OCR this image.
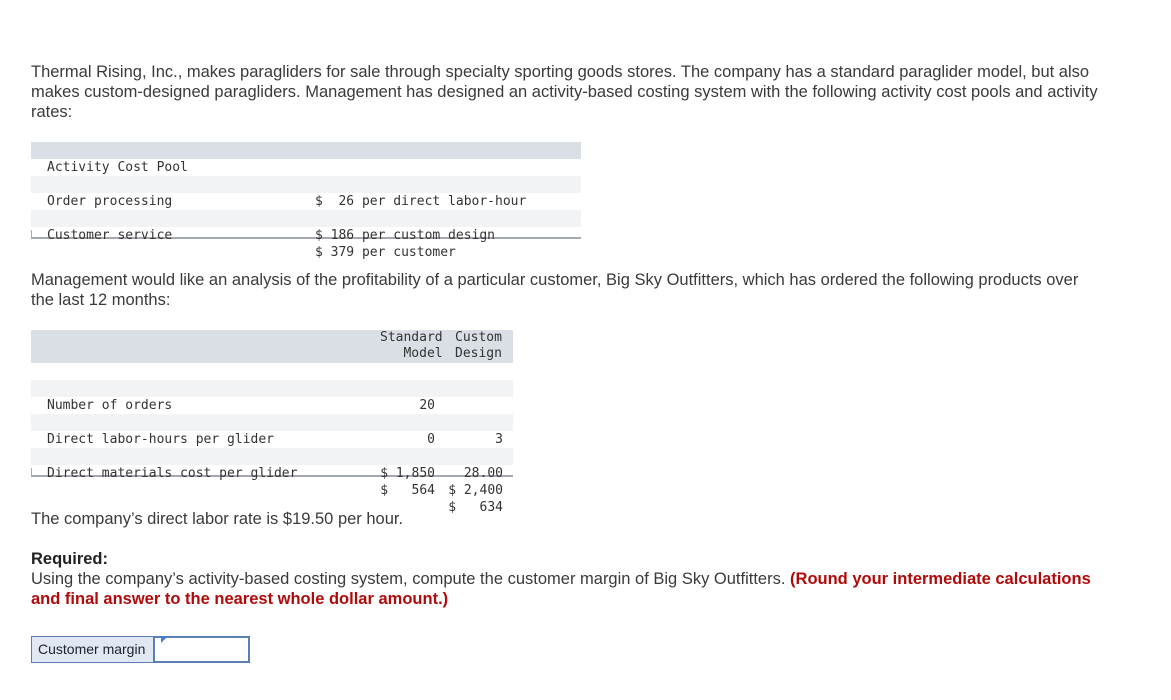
Thermal Rising, Inc., makes paragliders for sale through specialty sporting goods stores. The company has a standard paraglider model, but also makes custom-designed paragliders. Management has designed an activity-based costing system with the following activity cost pools and activity rates:

Activity Cost Pool

$  26 per direct labor-hour

Order processing

$ 186 per custom design

Customer service

$ 379 per customer

Management would like an analysis of the profitability of a particular customer, Big Sky Outfitters, which has ordered the following products over the last 12 months:
Standard
Model
Custom
Design

20

Number of orders

3

0

Direct labor-hours per glider

28.00

$ 1,850

$ 2,400

Direct materials cost per glider

$   564

$   634

The company’s direct labor rate is $19.50 per hour.
Required:
Using the company’s activity-based costing system, compute the customer margin of Big Sky Outfitters. (Round your intermediate calculations and final answer to the nearest whole dollar amount.)
Customer margin
